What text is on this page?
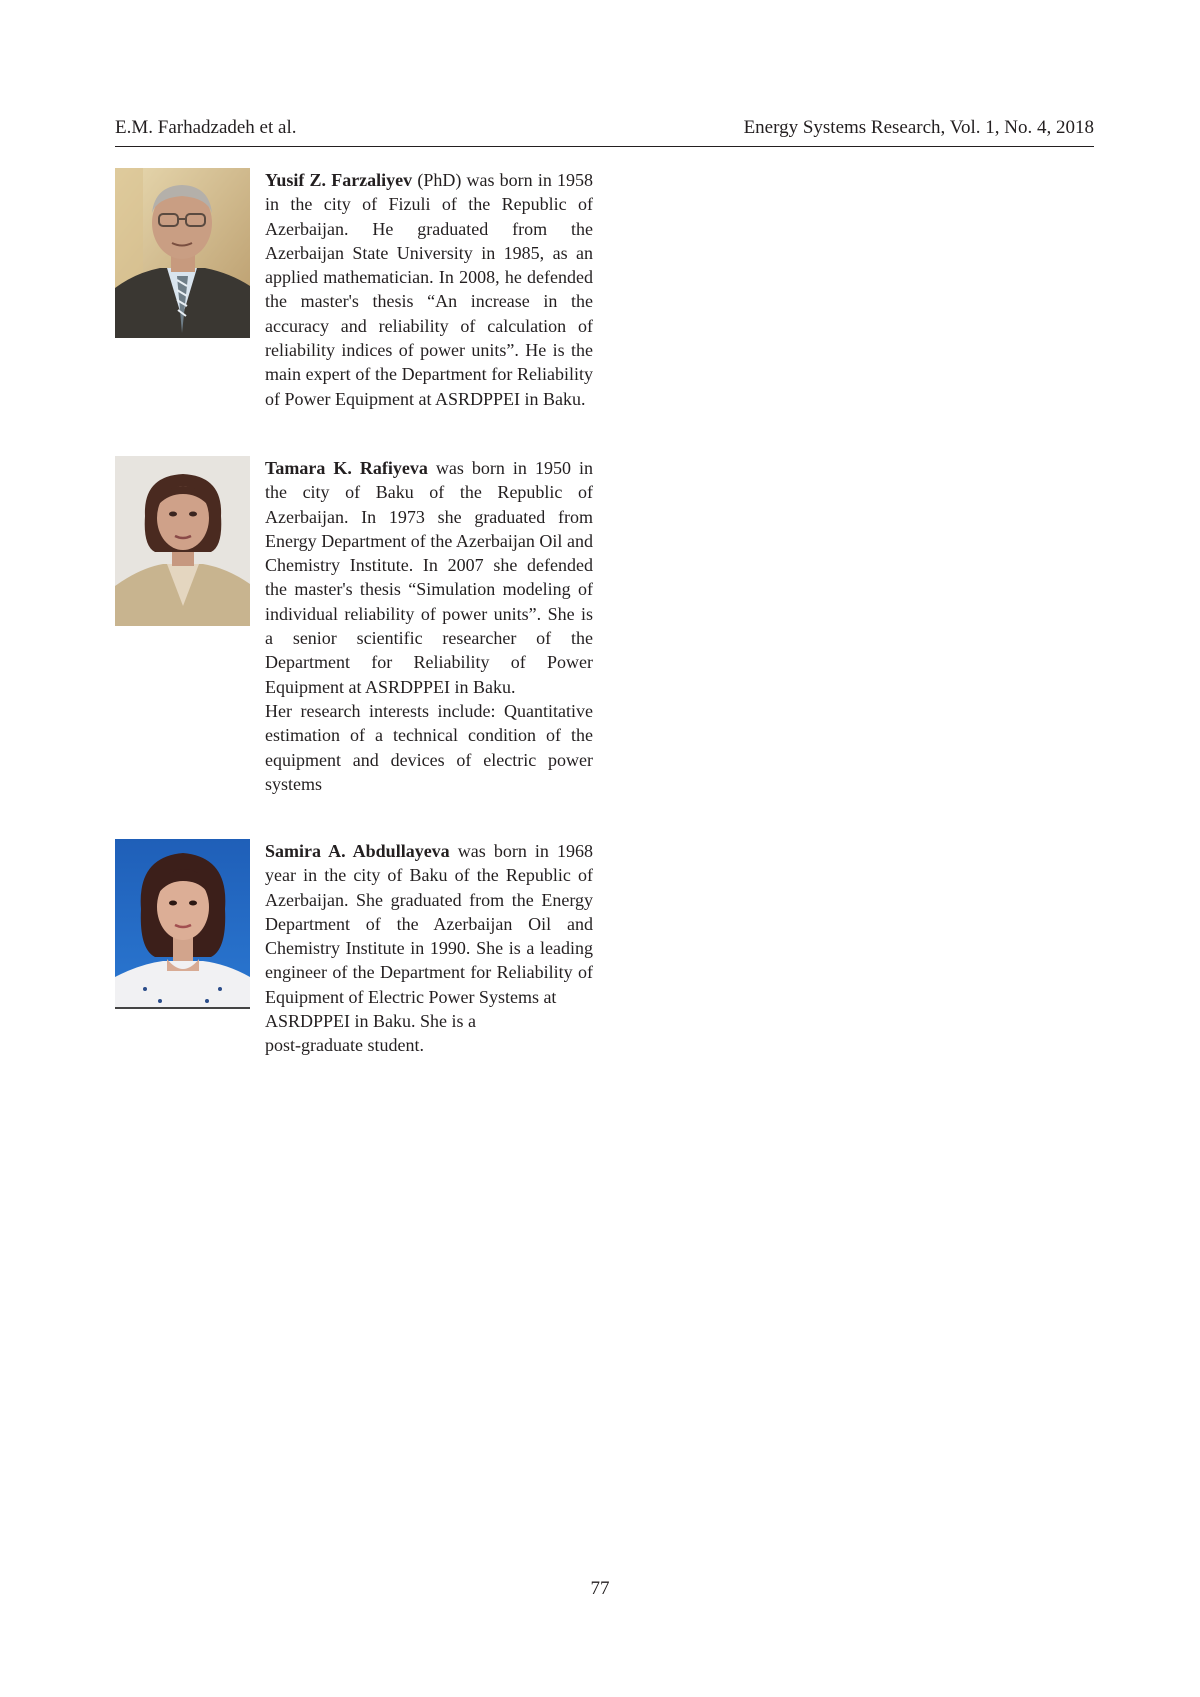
E.M. Farhadzadeh et al.	Energy Systems Research, Vol. 1, No. 4, 2018

Yusif Z. Farzaliyev (PhD) was born in 1958 in the city of Fizuli of the Republic of Azerbaijan. He graduated from the Azerbaijan State University in 1985, as an applied mathematician. In 2008, he defended the master's thesis “An increase in the accuracy and reliability of calculation of reliability indices of power units”. He is the main expert of the Department for Reliability of Power Equipment at ASRDPPEI in Baku.

Tamara K. Rafiyeva was born in 1950 in the city of Baku of the Republic of Azerbaijan. In 1973 she graduated from Energy Department of the Azerbaijan Oil and Chemistry Institute. In 2007 she defended the master's thesis “Simulation modeling of individual reliability of power units”. She is a senior scientific researcher of the Department for Reliability of Power Equipment at ASRDPPEI in Baku.

Her research interests include: Quantitative estimation of a technical condition of the equipment and devices of electric power systems

Samira A. Abdullayeva was born in 1968 year in the city of Baku of the Republic of Azerbaijan. She graduated from the Energy Department of the Azerbaijan Oil and Chemistry Institute in 1990. She is a leading engineer of the Department for Reliability of Equipment of Electric Power Systems at

ASRDPPEI in Baku. She is a

post-graduate student.

77
